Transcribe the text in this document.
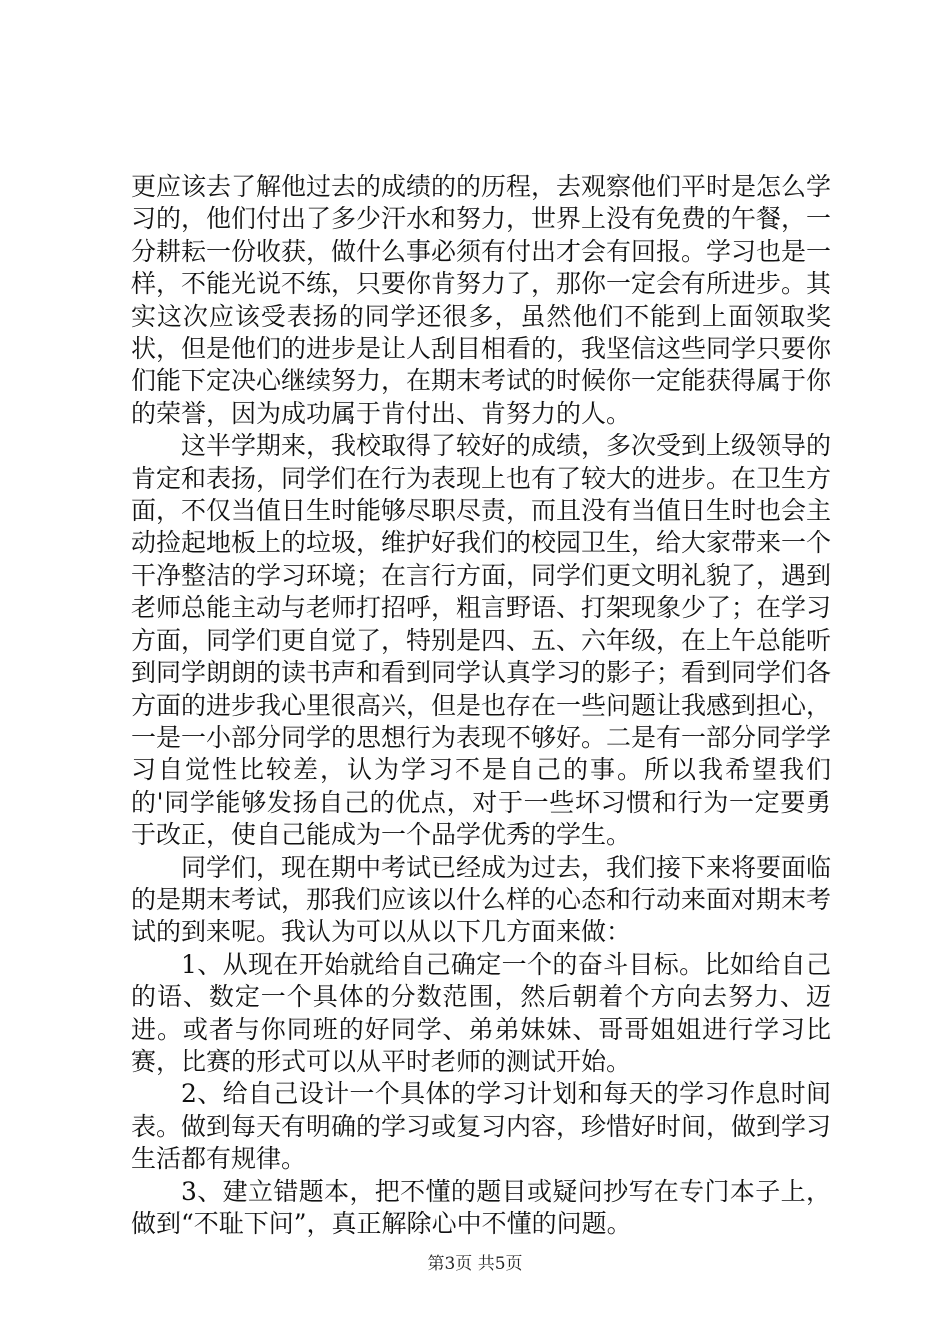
更应该去了解他过去的成绩的的历程，去观察他们平时是怎么学习的，他们付出了多少汗水和努力，世界上没有免费的午餐，一分耕耘一份收获，做什么事必须有付出才会有回报。学习也是一样，不能光说不练，只要你肯努力了，那你一定会有所进步。其实这次应该受表扬的同学还很多，虽然他们不能到上面领取奖状，但是他们的进步是让人刮目相看的，我坚信这些同学只要你们能下定决心继续努力，在期末考试的时候你一定能获得属于你的荣誉，因为成功属于肯付出、肯努力的人。

这半学期来，我校取得了较好的成绩，多次受到上级领导的肯定和表扬，同学们在行为表现上也有了较大的进步。在卫生方面，不仅当值日生时能够尽职尽责，而且没有当值日生时也会主动捡起地板上的垃圾，维护好我们的校园卫生，给大家带来一个干净整洁的学习环境；在言行方面，同学们更文明礼貌了，遇到老师总能主动与老师打招呼，粗言野语、打架现象少了；在学习方面，同学们更自觉了，特别是四、五、六年级，在上午总能听到同学朗朗的读书声和看到同学认真学习的影子；看到同学们各方面的进步我心里很高兴，但是也存在一些问题让我感到担心，一是一小部分同学的思想行为表现不够好。二是有一部分同学学习自觉性比较差，认为学习不是自己的事。所以我希望我们的'同学能够发扬自己的优点，对于一些坏习惯和行为一定要勇于改正，使自己能成为一个品学优秀的学生。

同学们，现在期中考试已经成为过去，我们接下来将要面临的是期末考试，那我们应该以什么样的心态和行动来面对期末考试的到来呢。我认为可以从以下几方面来做：

1、从现在开始就给自己确定一个的奋斗目标。比如给自己的语、数定一个具体的分数范围，然后朝着个方向去努力、迈进。或者与你同班的好同学、弟弟妹妹、哥哥姐姐进行学习比赛，比赛的形式可以从平时老师的测试开始。

2、给自己设计一个具体的学习计划和每天的学习作息时间表。做到每天有明确的学习或复习内容，珍惜好时间，做到学习生活都有规律。

3、建立错题本，把不懂的题目或疑问抄写在专门本子上，做到“不耻下问”，真正解除心中不懂的问题。

第3页 共5页
